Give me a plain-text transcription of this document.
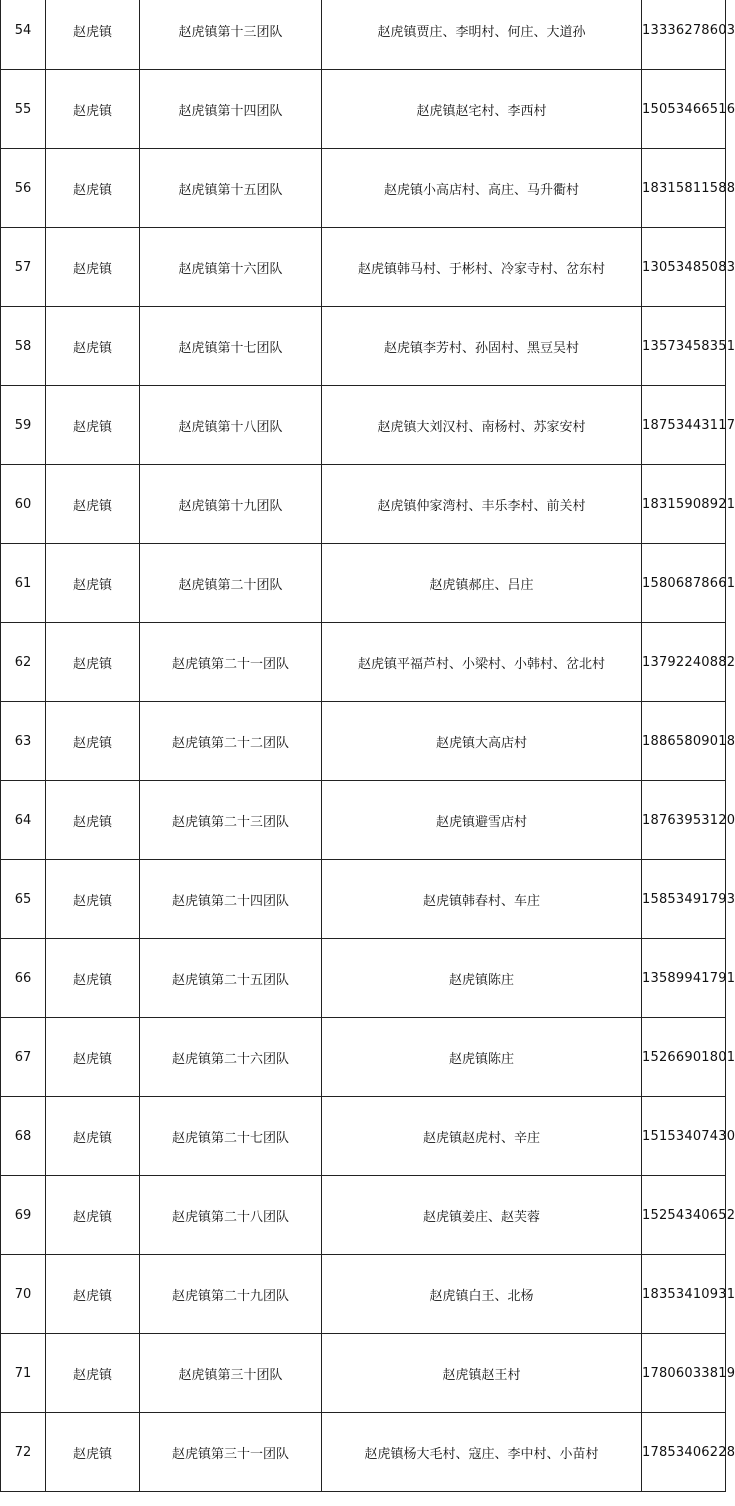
54	赵虎镇	赵虎镇第十三团队	赵虎镇贾庄、李明村、何庄、大道孙	13336278603
55	赵虎镇	赵虎镇第十四团队	赵虎镇赵宅村、李西村	15053466516
56	赵虎镇	赵虎镇第十五团队	赵虎镇小高店村、高庄、马升衢村	18315811588
57	赵虎镇	赵虎镇第十六团队	赵虎镇韩马村、于彬村、冷家寺村、岔东村	13053485083
58	赵虎镇	赵虎镇第十七团队	赵虎镇李芳村、孙固村、黑豆吴村	13573458351
59	赵虎镇	赵虎镇第十八团队	赵虎镇大刘汉村、南杨村、苏家安村	18753443117
60	赵虎镇	赵虎镇第十九团队	赵虎镇仲家湾村、丰乐李村、前关村	18315908921
61	赵虎镇	赵虎镇第二十团队	赵虎镇郝庄、吕庄	15806878661
62	赵虎镇	赵虎镇第二十一团队	赵虎镇平福芦村、小梁村、小韩村、岔北村	13792240882
63	赵虎镇	赵虎镇第二十二团队	赵虎镇大高店村	18865809018
64	赵虎镇	赵虎镇第二十三团队	赵虎镇避雪店村	18763953120
65	赵虎镇	赵虎镇第二十四团队	赵虎镇韩春村、车庄	15853491793
66	赵虎镇	赵虎镇第二十五团队	赵虎镇陈庄	13589941791
67	赵虎镇	赵虎镇第二十六团队	赵虎镇陈庄	15266901801
68	赵虎镇	赵虎镇第二十七团队	赵虎镇赵虎村、辛庄	15153407430
69	赵虎镇	赵虎镇第二十八团队	赵虎镇姜庄、赵芙蓉	15254340652
70	赵虎镇	赵虎镇第二十九团队	赵虎镇白王、北杨	18353410931
71	赵虎镇	赵虎镇第三十团队	赵虎镇赵王村	17806033819
72	赵虎镇	赵虎镇第三十一团队	赵虎镇杨大毛村、寇庄、李中村、小苗村	17853406228
